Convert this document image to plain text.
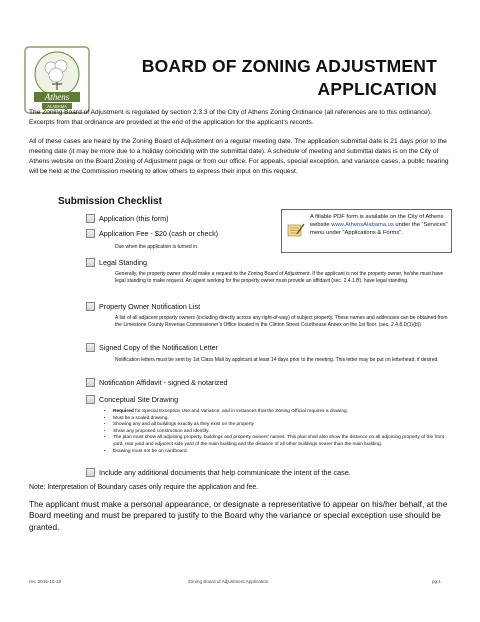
Athens
ALABAMA
BOARD OF ZONING ADJUSTMENT
APPLICATION
The Zoning Board of Adjustment is regulated by section 2.3.3 of the City of Athens Zoning Ordinance (all references are to this ordinance). Excerpts from that ordinance are provided at the end of the application for the applicant’s records.
All of these cases are heard by the Zoning Board of Adjustment on a regular meeting date. The application submittal date is 21 days prior to the meeting date (it may be more due to a holiday coinciding with the submittal date). A schedule of meeting and submittal dates is on the City of Athens website on the Board Zoning of Adjustment page or from our office. For appeals, special exception, and variance cases, a public hearing will be held at the Commission meeting to allow others to express their input on this request.
Submission Checklist
A fillable PDF form is available on the City of Athens website www.AthensAlabama.us under the “Services” menu under “Applications & Forms”.
Application (this form)
Application Fee - $20 (cash or check)
Due when the application is turned in.
Legal Standing
Generally, the property owner should make a request to the Zoning Board of Adjustment. If the applicant is not the property owner, he/she must have legal standing to make request. An agent working for the property owner must provide an affidavit (sec. 2.4.1.B). have legal standing.
Property Owner Notification List
A list of all adjacent property owners (including directly across any right-of-way) of subject property. These names and addresses can be obtained from the Limestone County Revenue Commissioner’s Office located in the Clinton Street Courthouse Annex on the 1st floor. (sec. 2.4.8.D(1)(b))
Signed Copy of the Notification Letter
Notification letters must be sent by 1st Class Mail by applicant at least 14 days prior to the meeting. This letter may be put on letterhead, if desired.
Notification Affidavit - signed & notarized
Conceptual Site Drawing
• Required for Special Exception Use and Variance, and in instances that the Zoning Official requires a drawing.
• Must be a scaled drawing.
• Showing any and all buildings exactly as they exist on the property
• Show any proposed construction and identify.
• The plan must show all adjoining property, buildings and property owners’ names. This plan shall also show the distance on all adjoining property of the front yard, rear yard and adjacent side yard of the main building and the distance of all other buildings nearer than the main building.
• Drawing must not be on cardboard.
Include any additional documents that help communicate the intent of the case.
Note: Interpretation of Boundary cases only require the application and fee.
The applicant must make a personal appearance, or designate a representative to appear on his/her behalf, at the Board meeting and must be prepared to justify to the Board why the variance or special exception use should be granted.
rev. 2015-10-18	Zoning Board of Adjustment Application	pg 1
